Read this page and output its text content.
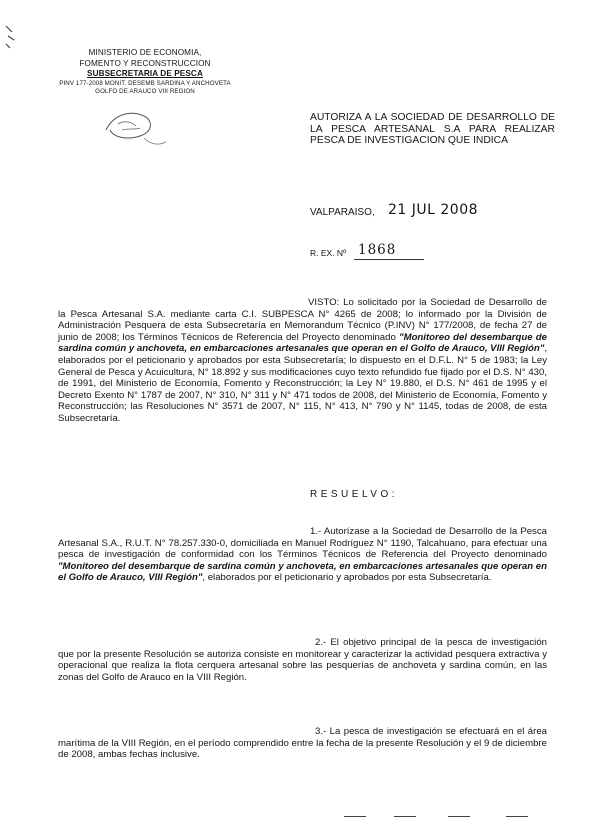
MINISTERIO DE ECONOMIA,
FOMENTO Y RECONSTRUCCION
SUBSECRETARIA DE PESCA
PINV 177-2008 MONIT. DESEMB SARDINA Y ANCHOVETA
GOLFO DE ARAUCO VIII REGION
AUTORIZA A LA SOCIEDAD DE DESARROLLO DE LA PESCA ARTESANAL S.A PARA REALIZAR PESCA DE INVESTIGACION QUE INDICA
VALPARAISO, 21 JUL 2008
R. EX. Nº 1868

VISTO: Lo solicitado por la Sociedad de Desarrollo de la Pesca Artesanal S.A. mediante carta C.I. SUBPESCA N° 4265 de 2008; lo informado por la División de Administración Pesquera de esta Subsecretaría en Memorandum Técnico (P.INV) N° 177/2008, de fecha 27 de junio de 2008; los Términos Técnicos de Referencia del Proyecto denominado "Monitoreo del desembarque de sardina común y anchoveta, en embarcaciones artesanales que operan en el Golfo de Arauco, VIII Región", elaborados por el peticionario y aprobados por esta Subsecretaría; lo dispuesto en el D.F.L. N° 5 de 1983; la Ley General de Pesca y Acuicultura, N° 18.892 y sus modificaciones cuyo texto refundido fue fijado por el D.S. N° 430, de 1991, del Ministerio de Economía, Fomento y Reconstrucción; la Ley N° 19.880, el D.S. N° 461 de 1995 y el Decreto Exento N° 1787 de 2007, N° 310, N° 311 y N° 471 todos de 2008, del Ministerio de Economía, Fomento y Reconstrucción; las Resoluciones N° 3571 de 2007, N° 115, N° 413, N° 790 y N° 1145, todas de 2008, de esta Subsecretaría.

RESUELVO:

1.- Autorízase a la Sociedad de Desarrollo de la Pesca Artesanal S.A., R.U.T. N° 78.257.330-0, domiciliada en Manuel Rodríguez N° 1190, Talcahuano, para efectuar una pesca de investigación de conformidad con los Términos Técnicos de Referencia del Proyecto denominado "Monitoreo del desembarque de sardina común y anchoveta, en embarcaciones artesanales que operan en el Golfo de Arauco, VIII Región", elaborados por el peticionario y aprobados por esta Subsecretaría.

2.- El objetivo principal de la pesca de investigación que por la presente Resolución se autoriza consiste en monitorear y caracterizar la actividad pesquera extractiva y operacional que realiza la flota cerquera artesanal sobre las pesquerías de anchoveta y sardina común, en las zonas del Golfo de Arauco en la VIII Región.

3.- La pesca de investigación se efectuará en el área marítima de la VIII Región, en el período comprendido entre la fecha de la presente Resolución y el 9 de diciembre de 2008, ambas fechas inclusive.
